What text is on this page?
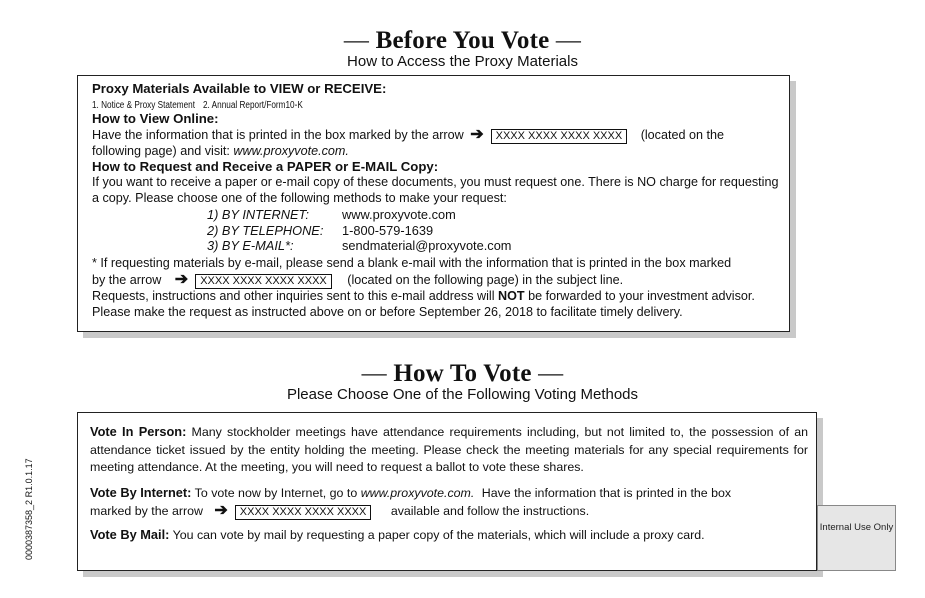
— Before You Vote —
How to Access the Proxy Materials
Proxy Materials Available to VIEW or RECEIVE:
1. Notice & Proxy Statement 2. Annual Report/Form10-K
How to View Online:
Have the information that is printed in the box marked by the arrow ➔ XXXX XXXX XXXX XXXX (located on the
following page) and visit: www.proxyvote.com.
How to Request and Receive a PAPER or E-MAIL Copy:
If you want to receive a paper or e-mail copy of these documents, you must request one. There is NO charge for requesting a copy. Please choose one of the following methods to make your request:
1) BY INTERNET:	www.proxyvote.com
2) BY TELEPHONE:	1-800-579-1639
3) BY E-MAIL*:	sendmaterial@proxyvote.com
* If requesting materials by e-mail, please send a blank e-mail with the information that is printed in the box marked
by the arrow ➔ XXXX XXXX XXXX XXXX (located on the following page) in the subject line.
Requests, instructions and other inquiries sent to this e-mail address will NOT be forwarded to your investment advisor. Please make the request as instructed above on or before September 26, 2018 to facilitate timely delivery.
— How To Vote —
Please Choose One of the Following Voting Methods
Vote In Person: Many stockholder meetings have attendance requirements including, but not limited to, the possession of an attendance ticket issued by the entity holding the meeting. Please check the meeting materials for any special requirements for meeting attendance. At the meeting, you will need to request a ballot to vote these shares.
Vote By Internet: To vote now by Internet, go to www.proxyvote.com. Have the information that is printed in the box
marked by the arrow ➔ XXXX XXXX XXXX XXXX available and follow the instructions.
Vote By Mail: You can vote by mail by requesting a paper copy of the materials, which will include a proxy card.
0000387358_2 R1.0.1.17	Internal Use Only
